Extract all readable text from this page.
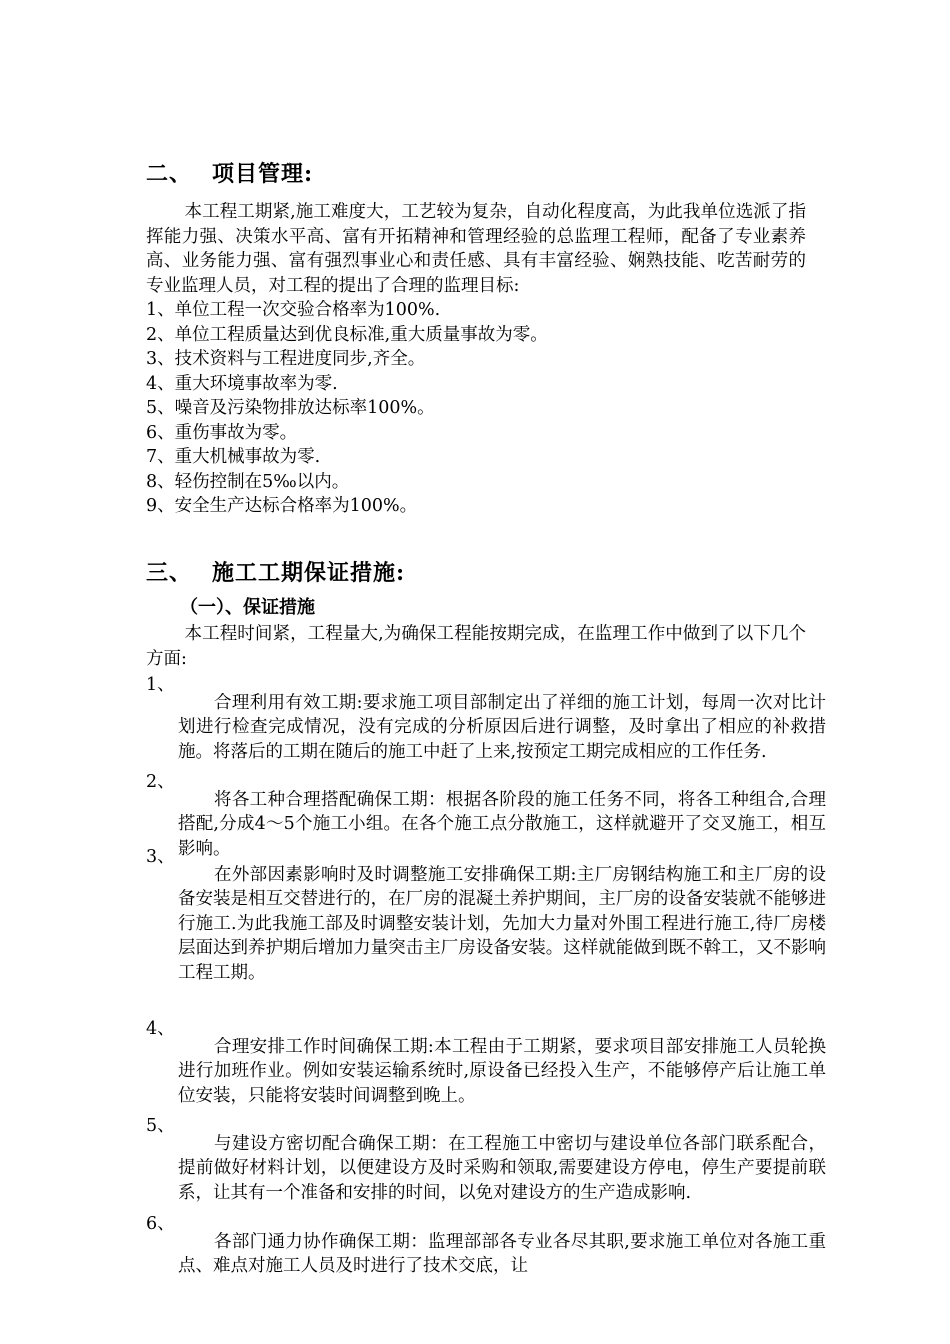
二、 项目管理:

本工程工期紧,施工难度大，工艺较为复杂，自动化程度高，为此我单位选派了指挥能力强、决策水平高、富有开拓精神和管理经验的总监理工程师，配备了专业素养高、业务能力强、富有强烈事业心和责任感、具有丰富经验、娴熟技能、吃苦耐劳的专业监理人员，对工程的提出了合理的监理目标:

1、单位工程一次交验合格率为100%.

2、单位工程质量达到优良标准,重大质量事故为零。

3、技术资料与工程进度同步,齐全。

4、重大环境事故率为零.

5、噪音及污染物排放达标率100%。

6、重伤事故为零。

7、重大机械事故为零.

8、轻伤控制在5‰以内。

9、安全生产达标合格率为100%。

三、 施工工期保证措施:
（一）、保证措施

本工程时间紧，工程量大,为确保工程能按期完成，在监理工作中做到了以下几个方面:

1、

合理利用有效工期:要求施工项目部制定出了祥细的施工计划，每周一次对比计划进行检查完成情况，没有完成的分析原因后进行调整，及时拿出了相应的补救措施。将落后的工期在随后的施工中赶了上来,按预定工期完成相应的工作任务.

2、

将各工种合理搭配确保工期：根据各阶段的施工任务不同，将各工种组合,合理搭配,分成4～5个施工小组。在各个施工点分散施工，这样就避开了交叉施工，相互影响。

3、

在外部因素影响时及时调整施工安排确保工期:主厂房钢结构施工和主厂房的设备安装是相互交替进行的，在厂房的混凝土养护期间，主厂房的设备安装就不能够进行施工.为此我施工部及时调整安装计划，先加大力量对外围工程进行施工,待厂房楼层面达到养护期后增加力量突击主厂房设备安装。这样就能做到既不斡工，又不影响工程工期。

4、

合理安排工作时间确保工期:本工程由于工期紧，要求项目部安排施工人员轮换进行加班作业。例如安装运输系统时,原设备已经投入生产，不能够停产后让施工单位安装，只能将安装时间调整到晚上。

5、

与建设方密切配合确保工期：在工程施工中密切与建设单位各部门联系配合，提前做好材料计划，以便建设方及时采购和领取,需要建设方停电，停生产要提前联系，让其有一个准备和安排的时间，以免对建设方的生产造成影响.

6、

各部门通力协作确保工期：监理部部各专业各尽其职,要求施工单位对各施工重点、难点对施工人员及时进行了技术交底，让
